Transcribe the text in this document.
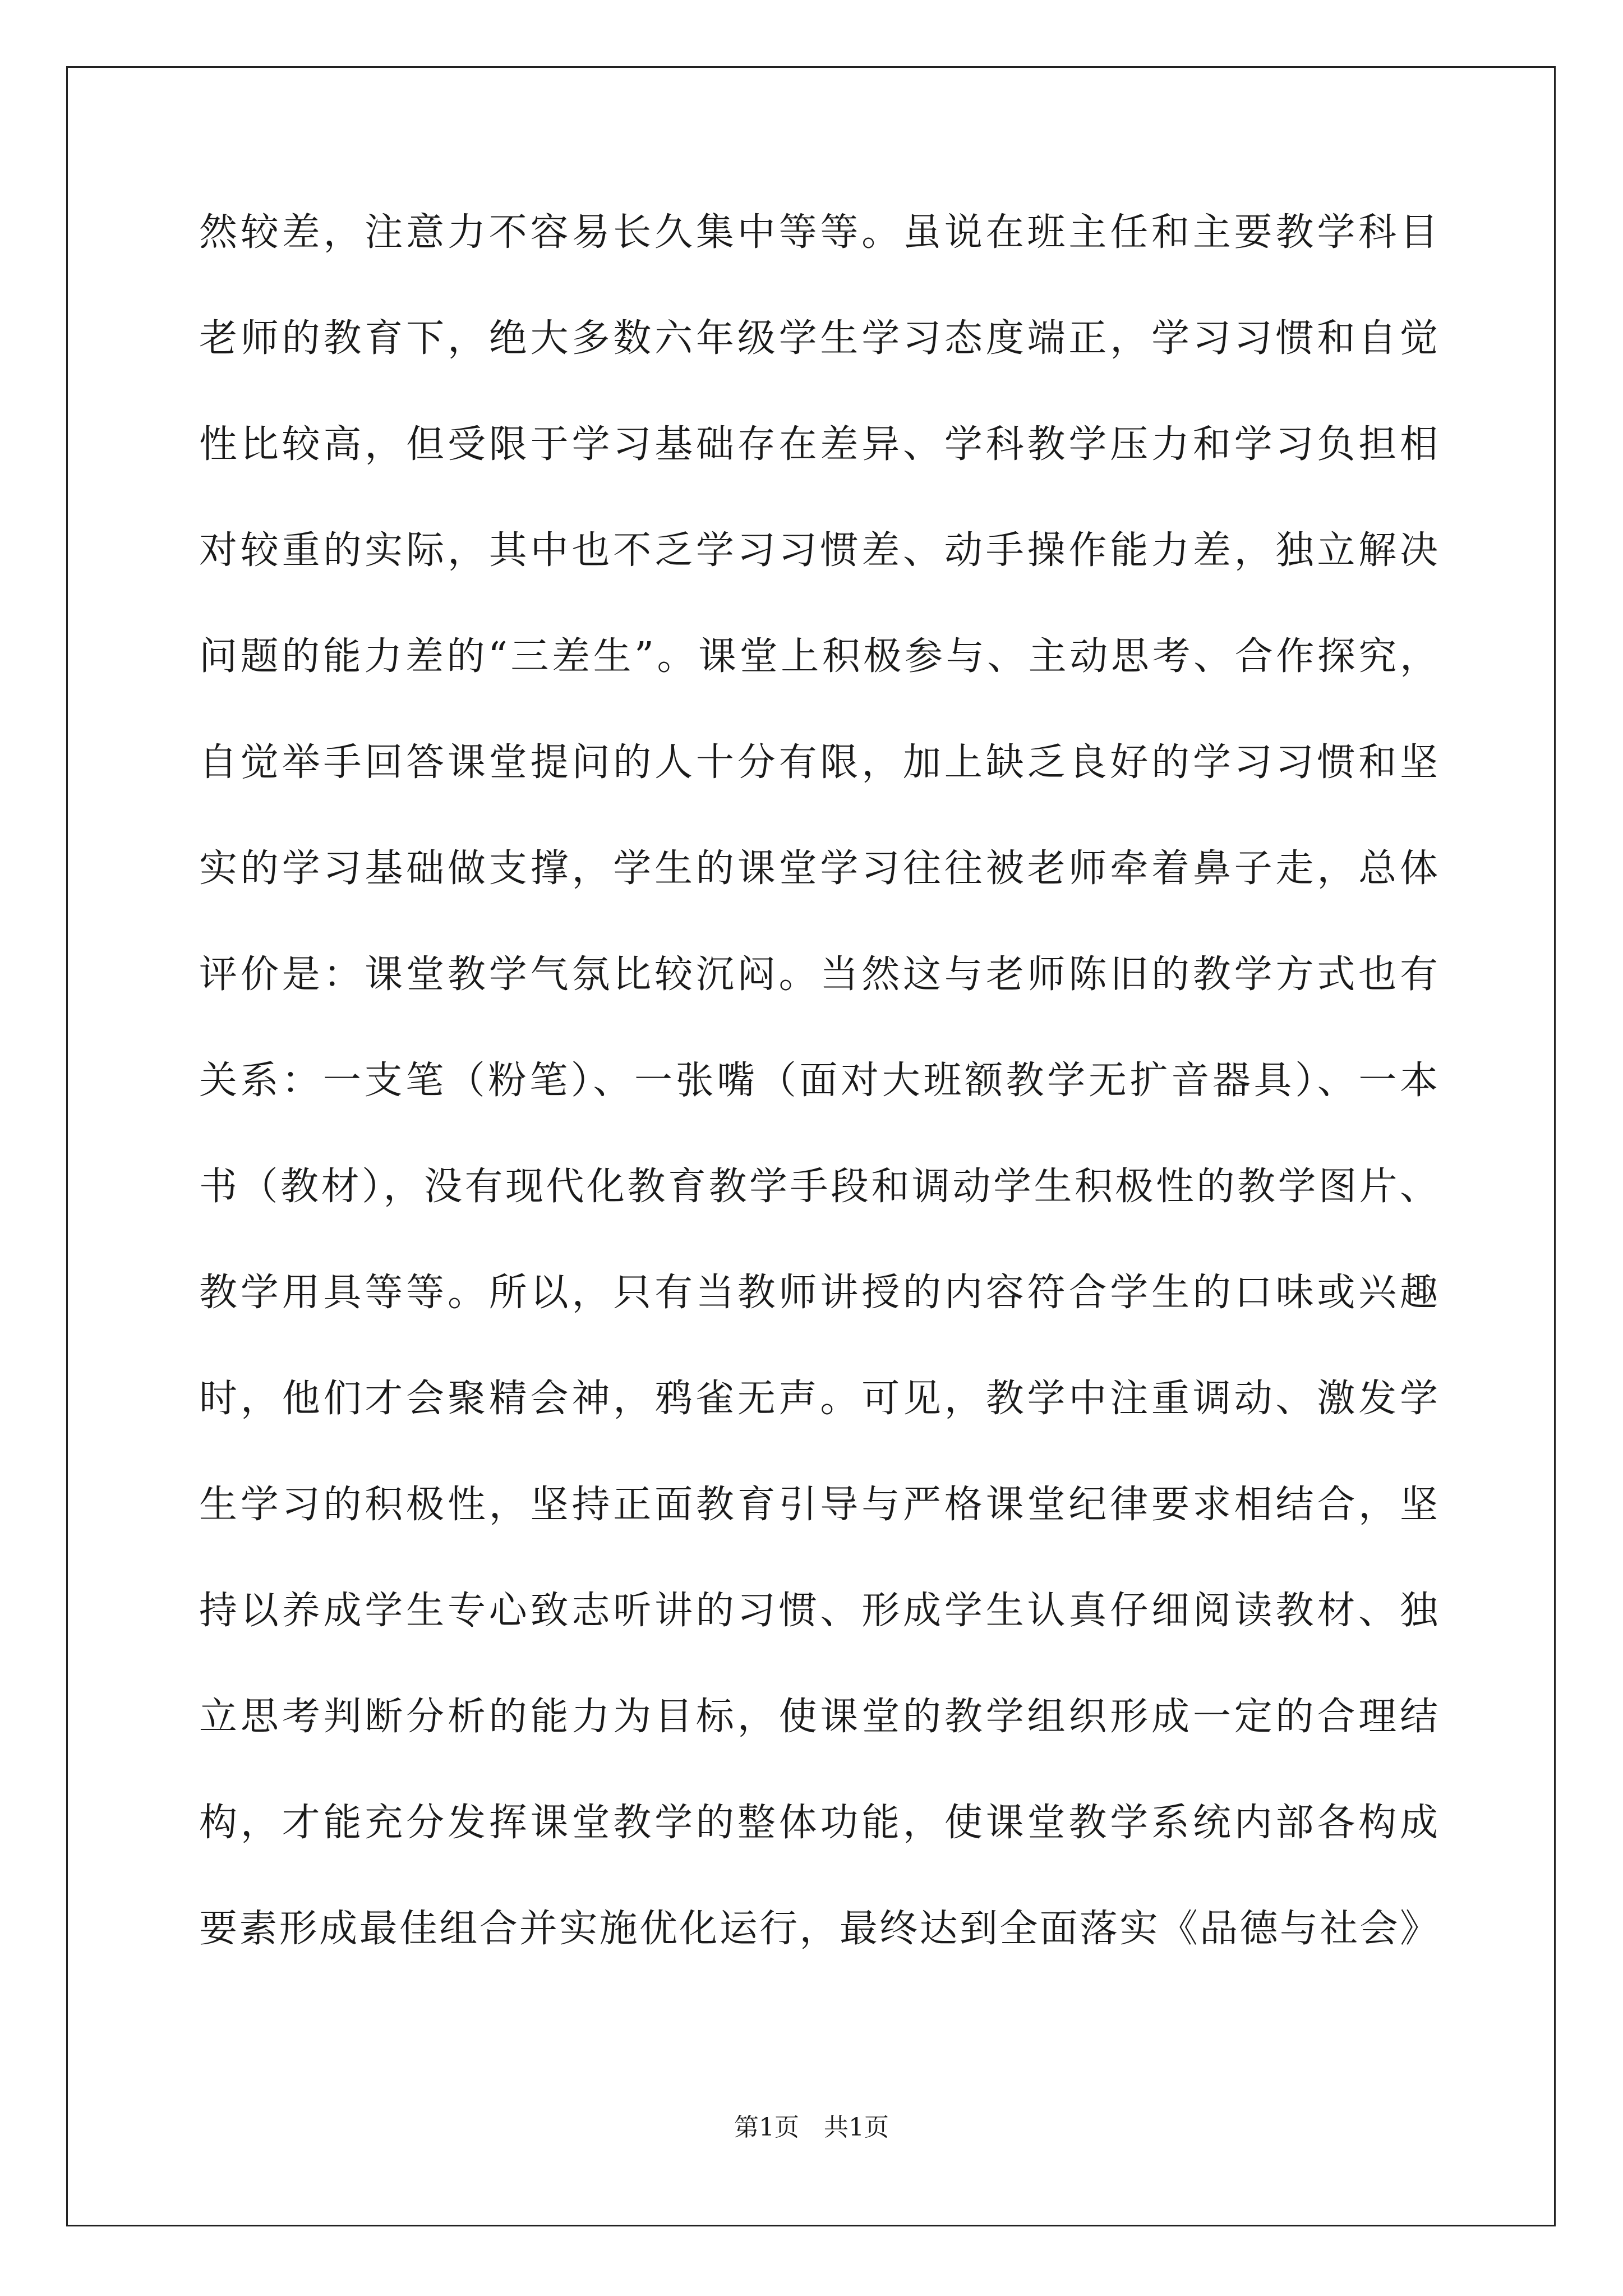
然较差，注意力不容易长久集中等等。虽说在班主任和主要教学科目
老师的教育下，绝大多数六年级学生学习态度端正，学习习惯和自觉
性比较高，但受限于学习基础存在差异、学科教学压力和学习负担相
对较重的实际，其中也不乏学习习惯差、动手操作能力差，独立解决
问题的能力差的“三差生”。课堂上积极参与、主动思考、合作探究，
自觉举手回答课堂提问的人十分有限，加上缺乏良好的学习习惯和坚
实的学习基础做支撑，学生的课堂学习往往被老师牵着鼻子走，总体
评价是：课堂教学气氛比较沉闷。当然这与老师陈旧的教学方式也有
关系：一支笔（粉笔）、一张嘴（面对大班额教学无扩音器具）、一本
书（教材），没有现代化教育教学手段和调动学生积极性的教学图片、
教学用具等等。所以，只有当教师讲授的内容符合学生的口味或兴趣
时，他们才会聚精会神，鸦雀无声。可见，教学中注重调动、激发学
生学习的积极性，坚持正面教育引导与严格课堂纪律要求相结合，坚
持以养成学生专心致志听讲的习惯、形成学生认真仔细阅读教材、独
立思考判断分析的能力为目标，使课堂的教学组织形成一定的合理结
构，才能充分发挥课堂教学的整体功能，使课堂教学系统内部各构成
要素形成最佳组合并实施优化运行，最终达到全面落实《品德与社会》
第1页　共1页
